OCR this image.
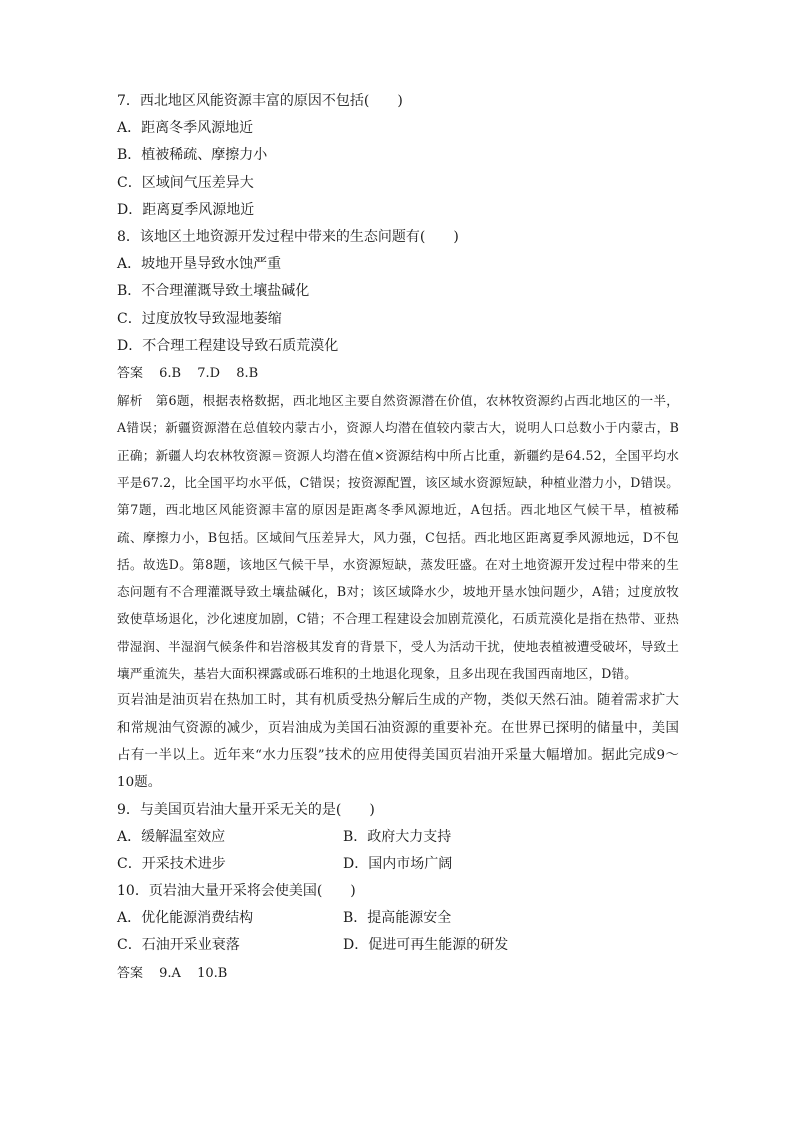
7．西北地区风能资源丰富的原因不包括(　　)
A．距离冬季风源地近
B．植被稀疏、摩擦力小
C．区域间气压差异大
D．距离夏季风源地近
8．该地区土地资源开发过程中带来的生态问题有(　　)
A．坡地开垦导致水蚀严重
B．不合理灌溉导致土壤盐碱化
C．过度放牧导致湿地萎缩
D．不合理工程建设导致石质荒漠化
答案 6.B 7.D 8.B
解析　第6题，根据表格数据，西北地区主要自然资源潜在价值，农林牧资源约占西北地区的一半，A错误；新疆资源潜在总值较内蒙古小，资源人均潜在值较内蒙古大，说明人口总数小于内蒙古，B正确；新疆人均农林牧资源＝资源人均潜在值×资源结构中所占比重，新疆约是64.52，全国平均水平是67.2，比全国平均水平低，C错误；按资源配置，该区域水资源短缺，种植业潜力小，D错误。第7题，西北地区风能资源丰富的原因是距离冬季风源地近，A包括。西北地区气候干旱，植被稀疏、摩擦力小，B包括。区域间气压差异大，风力强，C包括。西北地区距离夏季风源地远，D不包括。故选D。第8题，该地区气候干旱，水资源短缺，蒸发旺盛。在对土地资源开发过程中带来的生态问题有不合理灌溉导致土壤盐碱化，B对；该区域降水少，坡地开垦水蚀问题少，A错；过度放牧致使草场退化，沙化速度加剧，C错；不合理工程建设会加剧荒漠化，石质荒漠化是指在热带、亚热带湿润、半湿润气候条件和岩溶极其发育的背景下，受人为活动干扰，使地表植被遭受破坏，导致土壤严重流失，基岩大面积裸露或砾石堆积的土地退化现象，且多出现在我国西南地区，D错。
页岩油是油页岩在热加工时，其有机质受热分解后生成的产物，类似天然石油。随着需求扩大和常规油气资源的减少，页岩油成为美国石油资源的重要补充。在世界已探明的储量中，美国占有一半以上。近年来“水力压裂”技术的应用使得美国页岩油开采量大幅增加。据此完成9～10题。
9．与美国页岩油大量开采无关的是(　　)
A．缓解温室效应	B．政府大力支持
C．开采技术进步	D．国内市场广阔
10．页岩油大量开采将会使美国(　　)
A．优化能源消费结构	B．提高能源安全
C．石油开采业衰落	D．促进可再生能源的研发
答案 9.A 10.B
